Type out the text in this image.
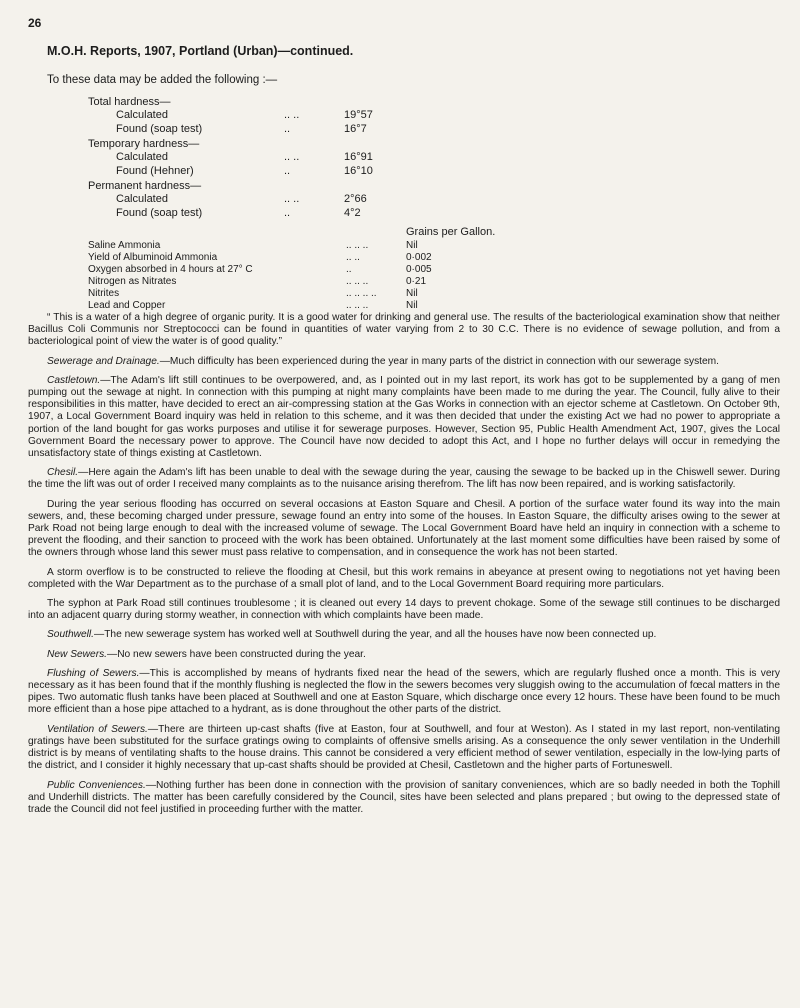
26
M.O.H. Reports, 1907, Portland (Urban)—continued.
To these data may be added the following :—
Total hardness—
Calculated	.. ..	19°57
Found (soap test)	..	16°7
Temporary hardness—
Calculated	.. ..	16°91
Found (Hehner)	..	16°10
Permanent hardness—
Calculated	.. ..	2°66
Found (soap test)	..	4°2
Grains per Gallon.
Saline Ammonia	.. .. ..	Nil
Yield of Albuminoid Ammonia	.. ..	0·002
Oxygen absorbed in 4 hours at 27° C	..	0·005
Nitrogen as Nitrates	.. .. ..	0·21
Nitrites	.. .. .. ..	Nil
Lead and Copper	.. .. ..	Nil

“ This is a water of a high degree of organic purity. It is a good water for drinking and general use. The results of the bacteriological examination show that neither Bacillus Coli Communis nor Streptococci can be found in quantities of water varying from 2 to 30 C.C. There is no evidence of sewage pollution, and from a bacteriological point of view the water is of good quality.”

Sewerage and Drainage.—Much difficulty has been experienced during the year in many parts of the district in connection with our sewerage system.

Castletown.—The Adam's lift still continues to be overpowered, and, as I pointed out in my last report, its work has got to be supplemented by a gang of men pumping out the sewage at night. In connection with this pumping at night many complaints have been made to me during the year. The Council, fully alive to their responsibilities in this matter, have decided to erect an air-compressing station at the Gas Works in connection with an ejector scheme at Castletown. On October 9th, 1907, a Local Government Board inquiry was held in relation to this scheme, and it was then decided that under the existing Act we had no power to appropriate a portion of the land bought for gas works purposes and utilise it for sewerage purposes. However, Section 95, Public Health Amendment Act, 1907, gives the Local Government Board the necessary power to approve. The Council have now decided to adopt this Act, and I hope no further delays will occur in remedying the unsatisfactory state of things existing at Castletown.

Chesil.—Here again the Adam's lift has been unable to deal with the sewage during the year, causing the sewage to be backed up in the Chiswell sewer. During the time the lift was out of order I received many complaints as to the nuisance arising therefrom. The lift has now been repaired, and is working satisfactorily.

During the year serious flooding has occurred on several occasions at Easton Square and Chesil. A portion of the surface water found its way into the main sewers, and, these becoming charged under pressure, sewage found an entry into some of the houses. In Easton Square, the difficulty arises owing to the sewer at Park Road not being large enough to deal with the increased volume of sewage. The Local Government Board have held an inquiry in connection with a scheme to prevent the flooding, and their sanction to proceed with the work has been obtained. Unfortunately at the last moment some difficulties have been raised by some of the owners through whose land this sewer must pass relative to compensation, and in consequence the work has not been started.

A storm overflow is to be constructed to relieve the flooding at Chesil, but this work remains in abeyance at present owing to negotiations not yet having been completed with the War Department as to the purchase of a small plot of land, and to the Local Government Board requiring more particulars.

The syphon at Park Road still continues troublesome ; it is cleaned out every 14 days to prevent chokage. Some of the sewage still continues to be discharged into an adjacent quarry during stormy weather, in connection with which complaints have been made.

Southwell.—The new sewerage system has worked well at Southwell during the year, and all the houses have now been connected up.

New Sewers.—No new sewers have been constructed during the year.

Flushing of Sewers.—This is accomplished by means of hydrants fixed near the head of the sewers, which are regularly flushed once a month. This is very necessary as it has been found that if the monthly flushing is neglected the flow in the sewers becomes very sluggish owing to the accumulation of fœcal matters in the pipes. Two automatic flush tanks have been placed at Southwell and one at Easton Square, which discharge once every 12 hours. These have been found to be much more efficient than a hose pipe attached to a hydrant, as is done throughout the other parts of the district.

Ventilation of Sewers.—There are thirteen up-cast shafts (five at Easton, four at Southwell, and four at Weston). As I stated in my last report, non-ventilating gratings have been substituted for the surface gratings owing to complaints of offensive smells arising. As a consequence the only sewer ventilation in the Underhill district is by means of ventilating shafts to the house drains. This cannot be considered a very efficient method of sewer ventilation, especially in the low-lying parts of the district, and I consider it highly necessary that up-cast shafts should be provided at Chesil, Castletown and the higher parts of Fortuneswell.

Public Conveniences.—Nothing further has been done in connection with the provision of sanitary conveniences, which are so badly needed in both the Tophill and Underhill districts. The matter has been carefully considered by the Council, sites have been selected and plans prepared ; but owing to the depressed state of trade the Council did not feel justified in proceeding further with the matter.
